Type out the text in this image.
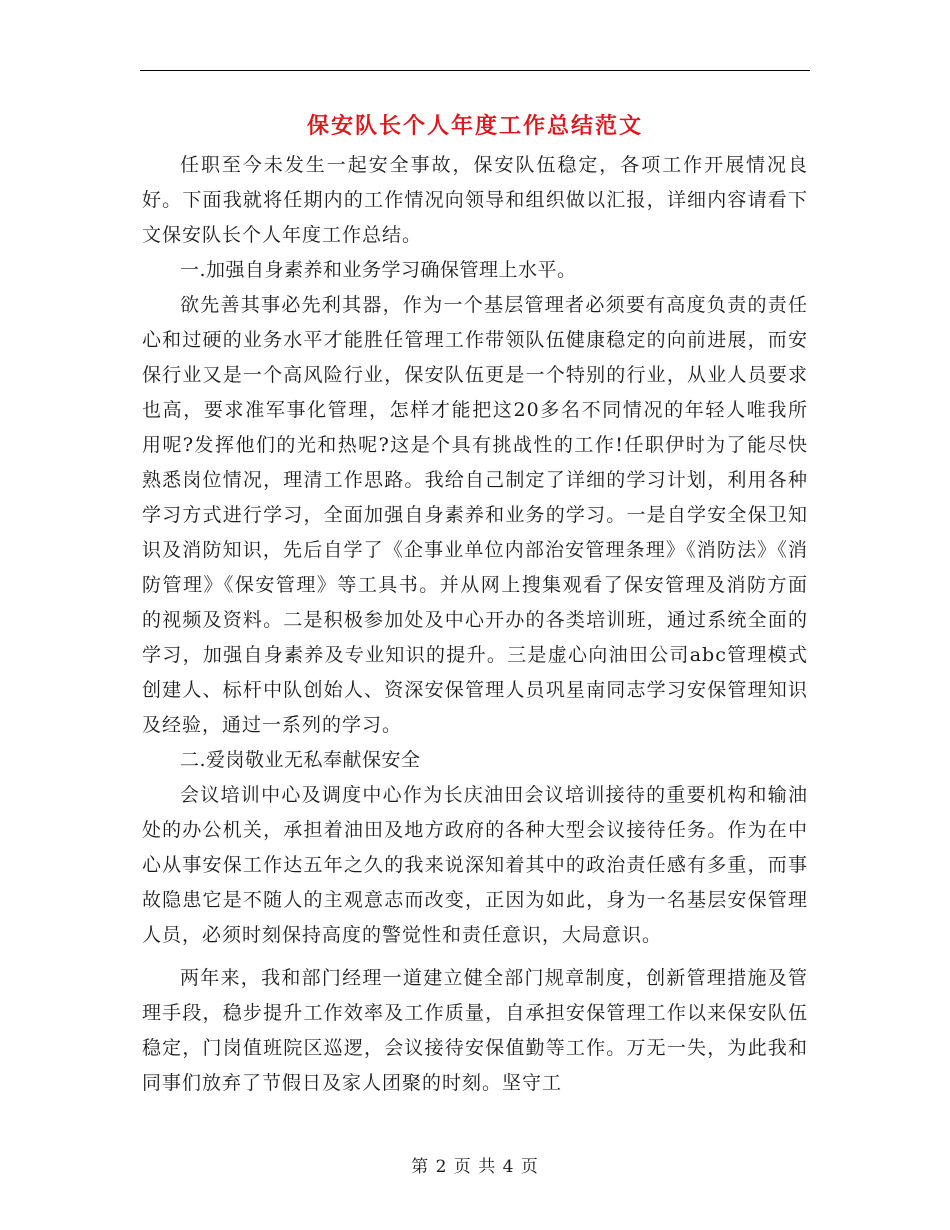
保安队长个人年度工作总结范文

任职至今未发生一起安全事故，保安队伍稳定，各项工作开展情况良好。下面我就将任期内的工作情况向领导和组织做以汇报，详细内容请看下文保安队长个人年度工作总结。

一.加强自身素养和业务学习确保管理上水平。

欲先善其事必先利其器，作为一个基层管理者必须要有高度负责的责任心和过硬的业务水平才能胜任管理工作带领队伍健康稳定的向前进展，而安保行业又是一个高风险行业，保安队伍更是一个特别的行业，从业人员要求也高，要求准军事化管理，怎样才能把这20多名不同情况的年轻人唯我所用呢?发挥他们的光和热呢?这是个具有挑战性的工作!任职伊时为了能尽快熟悉岗位情况，理清工作思路。我给自己制定了详细的学习计划，利用各种学习方式进行学习，全面加强自身素养和业务的学习。一是自学安全保卫知识及消防知识，先后自学了《企事业单位内部治安管理条理》《消防法》《消防管理》《保安管理》等工具书。并从网上搜集观看了保安管理及消防方面的视频及资料。二是积极参加处及中心开办的各类培训班，通过系统全面的学习，加强自身素养及专业知识的提升。三是虚心向油田公司abc管理模式创建人、标杆中队创始人、资深安保管理人员巩星南同志学习安保管理知识及经验，通过一系列的学习。

二.爱岗敬业无私奉献保安全

会议培训中心及调度中心作为长庆油田会议培训接待的重要机构和输油处的办公机关，承担着油田及地方政府的各种大型会议接待任务。作为在中心从事安保工作达五年之久的我来说深知着其中的政治责任感有多重，而事故隐患它是不随人的主观意志而改变，正因为如此，身为一名基层安保管理人员，必须时刻保持高度的警觉性和责任意识，大局意识。

两年来，我和部门经理一道建立健全部门规章制度，创新管理措施及管理手段，稳步提升工作效率及工作质量，自承担安保管理工作以来保安队伍稳定，门岗值班院区巡逻，会议接待安保值勤等工作。万无一失，为此我和同事们放弃了节假日及家人团聚的时刻。坚守工

第 2 页 共 4 页
